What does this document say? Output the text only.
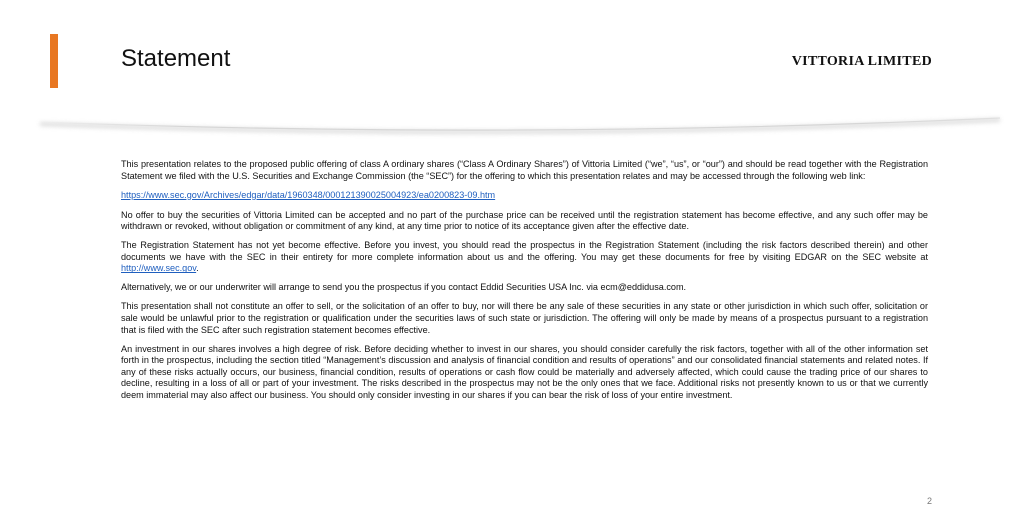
Statement	VITTORIA LIMITED

This presentation relates to the proposed public offering of class A ordinary shares (“Class A Ordinary Shares”) of Vittoria Limited (“we”, “us”, or “our”) and should be read together with the Registration Statement we filed with the U.S. Securities and Exchange Commission (the “SEC”) for the offering to which this presentation relates and may be accessed through the following web link:

https://www.sec.gov/Archives/edgar/data/1960348/000121390025004923/ea0200823-09.htm

No offer to buy the securities of Vittoria Limited can be accepted and no part of the purchase price can be received until the registration statement has become effective, and any such offer may be withdrawn or revoked, without obligation or commitment of any kind, at any time prior to notice of its acceptance given after the effective date.

The Registration Statement has not yet become effective. Before you invest, you should read the prospectus in the Registration Statement (including the risk factors described therein) and other documents we have with the SEC in their entirety for more complete information about us and the offering. You may get these documents for free by visiting EDGAR on the SEC website at http://www.sec.gov.

Alternatively, we or our underwriter will arrange to send you the prospectus if you contact Eddid Securities USA Inc. via ecm@eddidusa.com.

This presentation shall not constitute an offer to sell, or the solicitation of an offer to buy, nor will there be any sale of these securities in any state or other jurisdiction in which such offer, solicitation or sale would be unlawful prior to the registration or qualification under the securities laws of such state or jurisdiction. The offering will only be made by means of a prospectus pursuant to a registration that is filed with the SEC after such registration statement becomes effective.

An investment in our shares involves a high degree of risk. Before deciding whether to invest in our shares, you should consider carefully the risk factors, together with all of the other information set forth in the prospectus, including the section titled “Management’s discussion and analysis of financial condition and results of operations” and our consolidated financial statements and related notes. If any of these risks actually occurs, our business, financial condition, results of operations or cash flow could be materially and adversely affected, which could cause the trading price of our shares to decline, resulting in a loss of all or part of your investment. The risks described in the prospectus may not be the only ones that we face. Additional risks not presently known to us or that we currently deem immaterial may also affect our business. You should only consider investing in our shares if you can bear the risk of loss of your entire investment.

2
